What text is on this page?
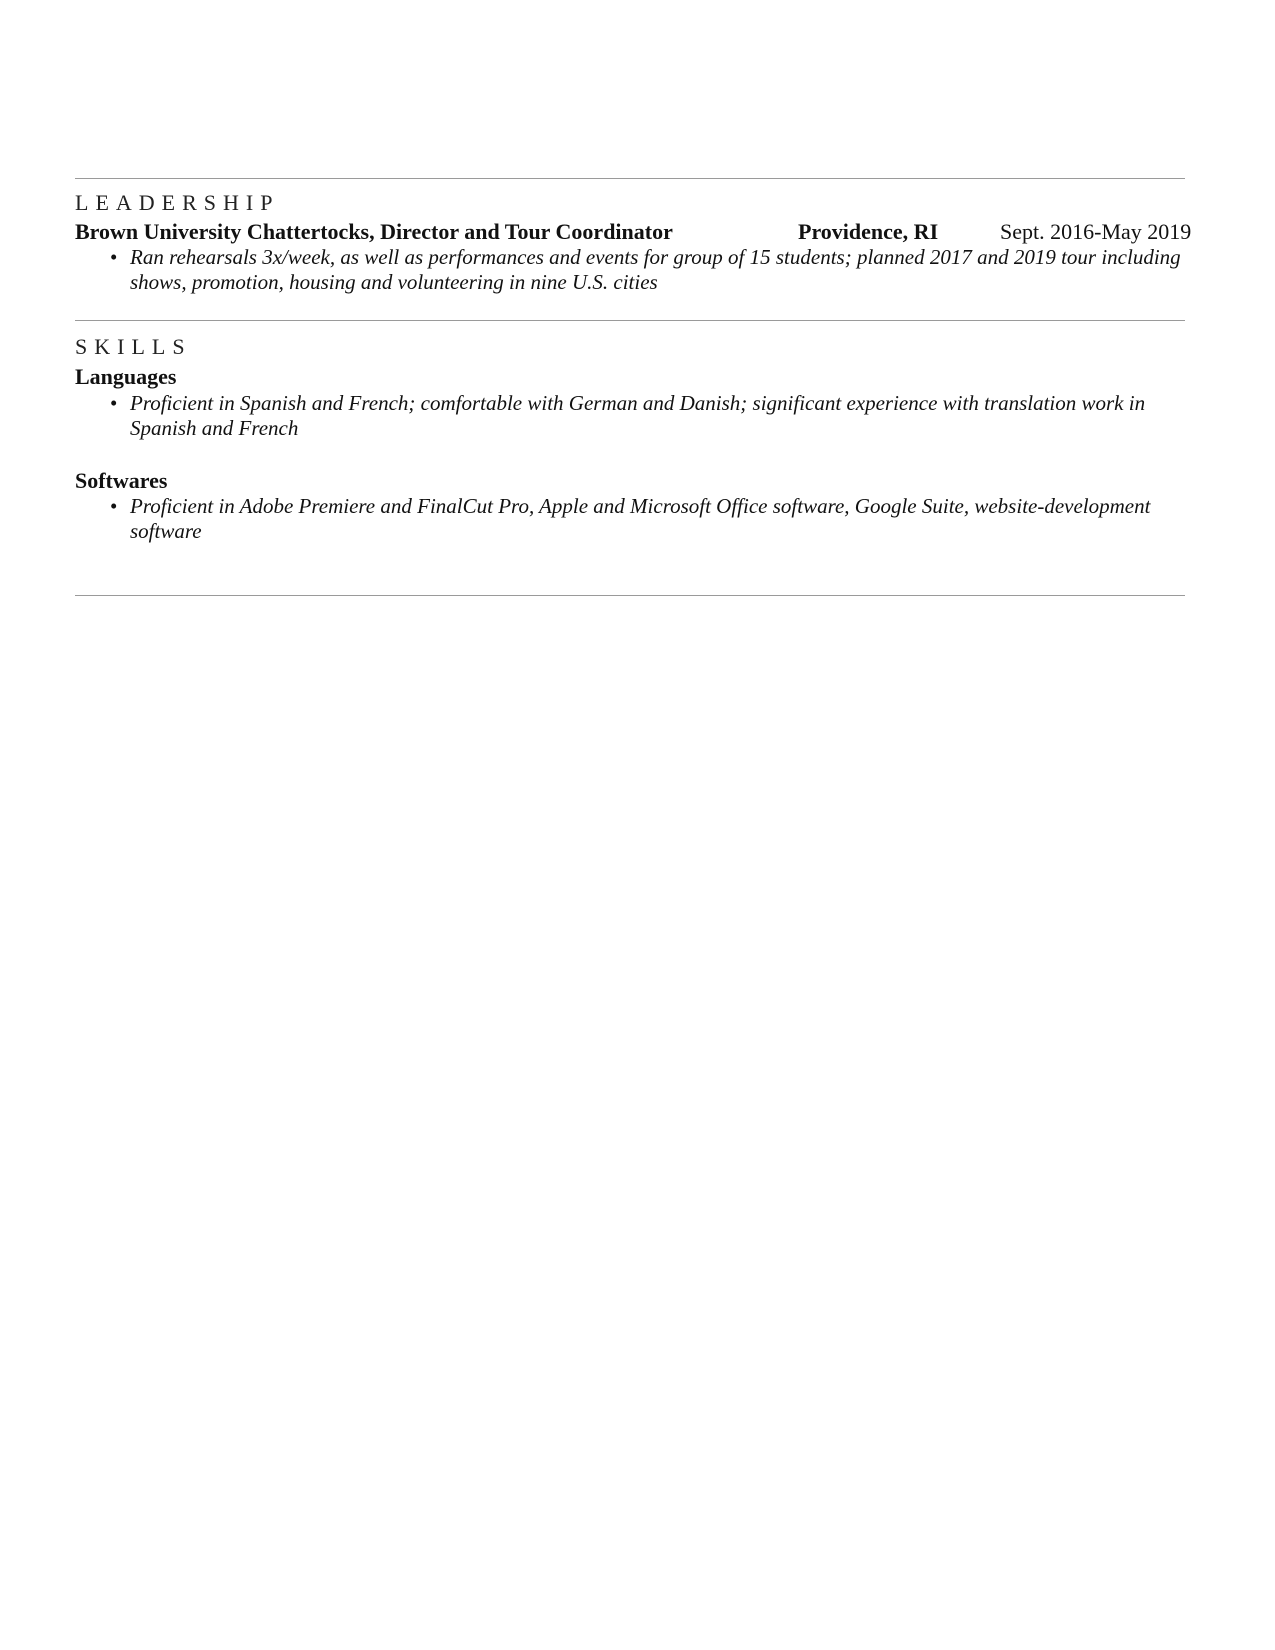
LEADERSHIP
Brown University Chattertocks, Director and Tour Coordinator	Providence, RI	Sept. 2016-May 2019
• Ran rehearsals 3x/week, as well as performances and events for group of 15 students; planned 2017 and 2019 tour including shows, promotion, housing and volunteering in nine U.S. cities
SKILLS
Languages
• Proficient in Spanish and French; comfortable with German and Danish; significant experience with translation work in Spanish and French
Softwares
• Proficient in Adobe Premiere and FinalCut Pro, Apple and Microsoft Office software, Google Suite, website-development software
